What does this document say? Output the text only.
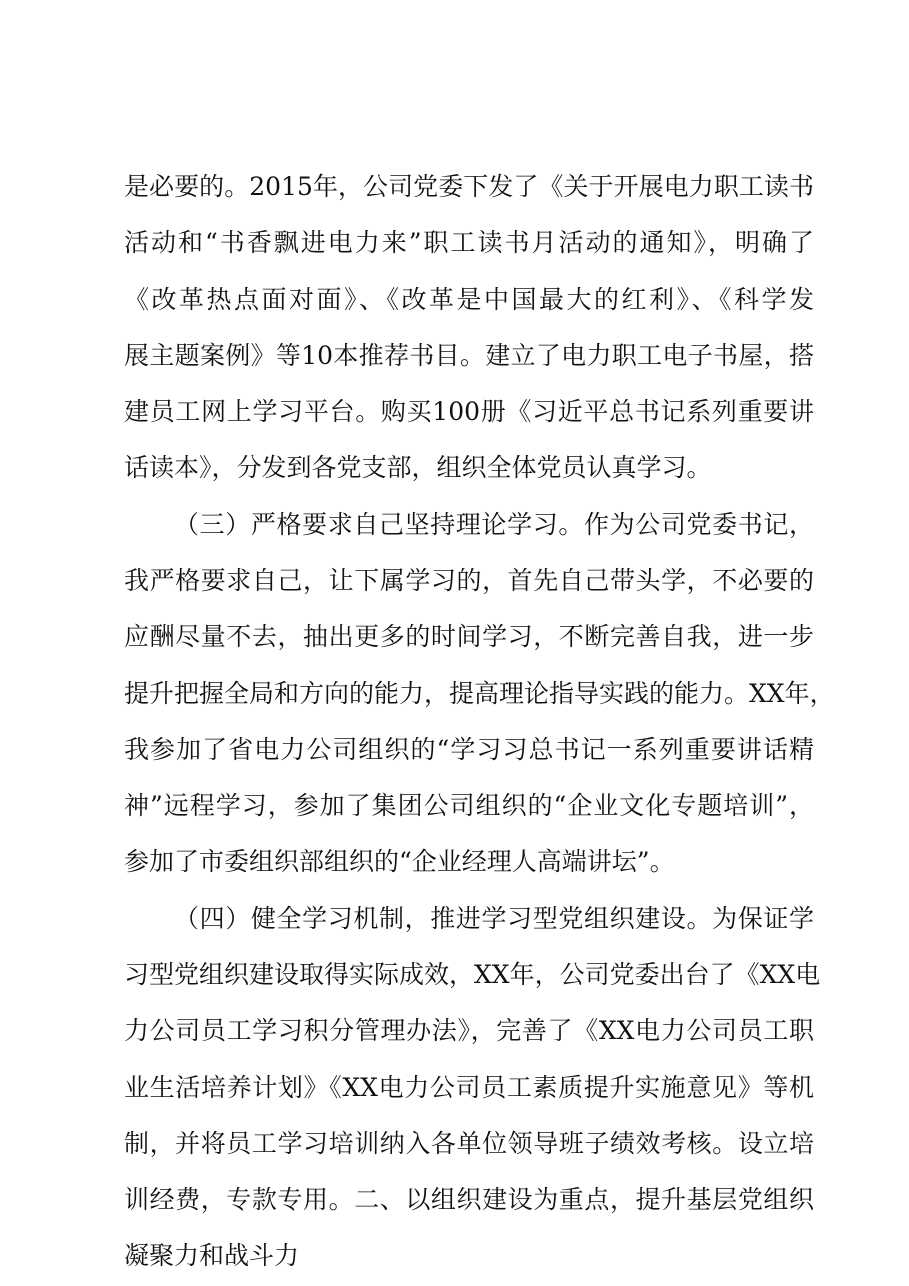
是必要的。2015年，公司党委下发了《关于开展电力职工读书
活动和“书香飘进电力来”职工读书月活动的通知》，明确了
《改革热点面对面》、《改革是中国最大的红利》、《科学发
展主题案例》等10本推荐书目。建立了电力职工电子书屋，搭
建员工网上学习平台。购买100册《习近平总书记系列重要讲
话读本》，分发到各党支部，组织全体党员认真学习。
（三）严格要求自己坚持理论学习。作为公司党委书记，
我严格要求自己，让下属学习的，首先自己带头学，不必要的
应酬尽量不去，抽出更多的时间学习，不断完善自我，进一步
提升把握全局和方向的能力，提高理论指导实践的能力。XX年，
我参加了省电力公司组织的“学习习总书记一系列重要讲话精
神”远程学习，参加了集团公司组织的“企业文化专题培训”，
参加了市委组织部组织的“企业经理人高端讲坛”。
（四）健全学习机制，推进学习型党组织建设。为保证学
习型党组织建设取得实际成效，XX年，公司党委出台了《XX电
力公司员工学习积分管理办法》，完善了《XX电力公司员工职
业生活培养计划》《XX电力公司员工素质提升实施意见》等机
制，并将员工学习培训纳入各单位领导班子绩效考核。设立培
训经费，专款专用。二、以组织建设为重点，提升基层党组织
凝聚力和战斗力
